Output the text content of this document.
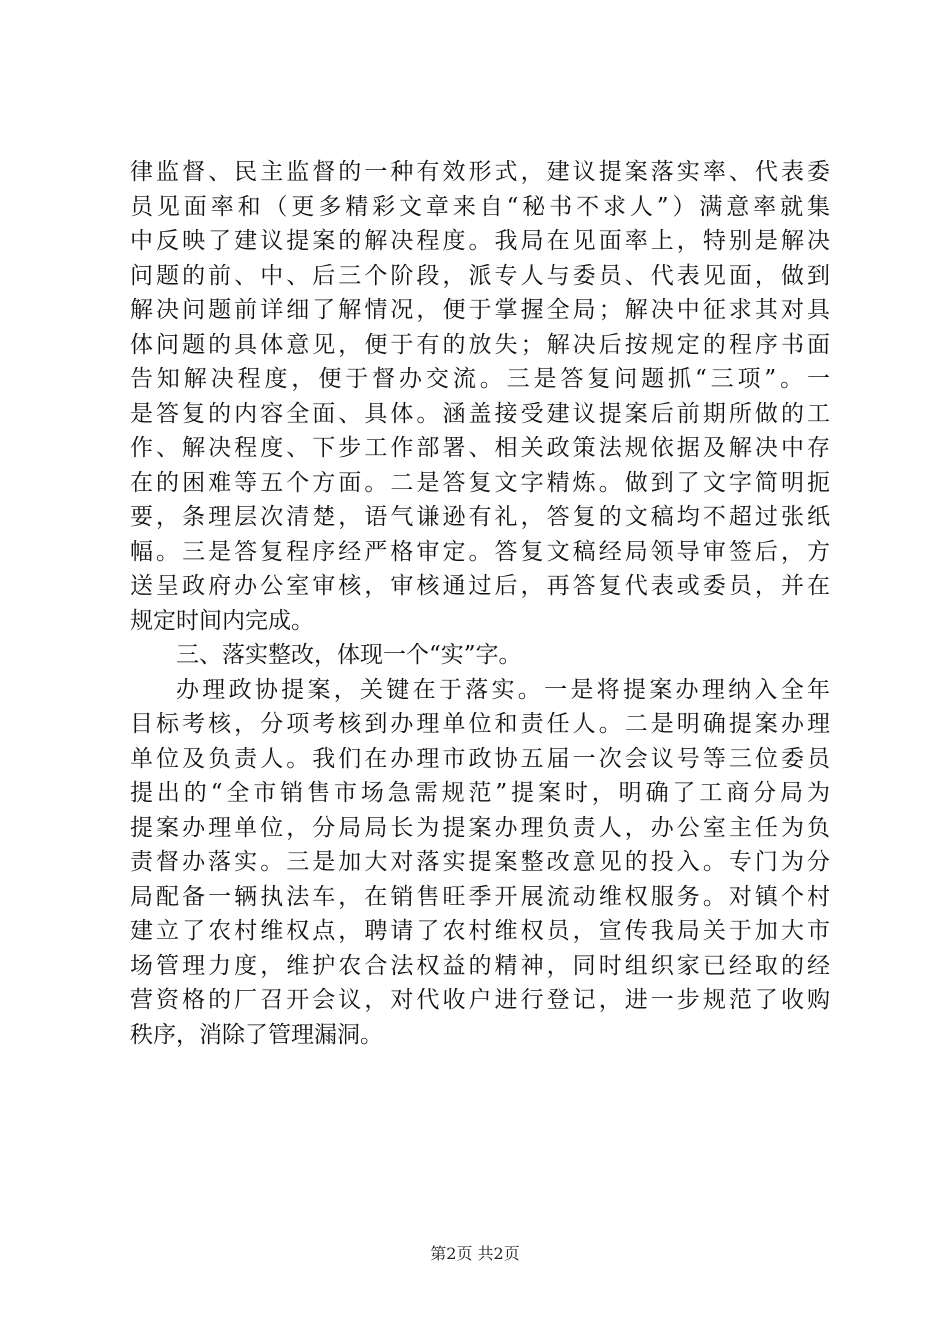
律监督、民主监督的一种有效形式，建议提案落实率、代表委
员见面率和（更多精彩文章来自“秘书不求人”）满意率就集
中反映了建议提案的解决程度。我局在见面率上，特别是解决
问题的前、中、后三个阶段，派专人与委员、代表见面，做到
解决问题前详细了解情况，便于掌握全局；解决中征求其对具
体问题的具体意见，便于有的放失；解决后按规定的程序书面
告知解决程度，便于督办交流。三是答复问题抓“三项”。一
是答复的内容全面、具体。涵盖接受建议提案后前期所做的工
作、解决程度、下步工作部署、相关政策法规依据及解决中存
在的困难等五个方面。二是答复文字精炼。做到了文字简明扼
要，条理层次清楚，语气谦逊有礼，答复的文稿均不超过张纸
幅。三是答复程序经严格审定。答复文稿经局领导审签后，方
送呈政府办公室审核，审核通过后，再答复代表或委员，并在
规定时间内完成。
三、落实整改，体现一个“实”字。
办理政协提案，关键在于落实。一是将提案办理纳入全年
目标考核，分项考核到办理单位和责任人。二是明确提案办理
单位及负责人。我们在办理市政协五届一次会议号等三位委员
提出的“全市销售市场急需规范”提案时，明确了工商分局为
提案办理单位，分局局长为提案办理负责人，办公室主任为负
责督办落实。三是加大对落实提案整改意见的投入。专门为分
局配备一辆执法车，在销售旺季开展流动维权服务。对镇个村
建立了农村维权点，聘请了农村维权员，宣传我局关于加大市
场管理力度，维护农合法权益的精神，同时组织家已经取的经
营资格的厂召开会议，对代收户进行登记，进一步规范了收购
秩序，消除了管理漏洞。
第2页 共2页
